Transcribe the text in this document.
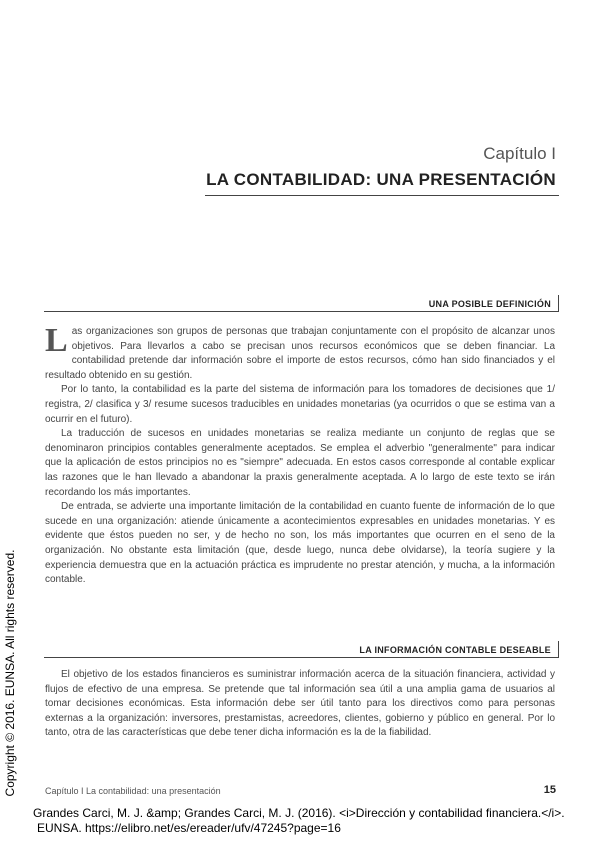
Capítulo I
LA CONTABILIDAD: UNA PRESENTACIÓN
UNA POSIBLE DEFINICIÓN

Las organizaciones son grupos de personas que trabajan conjuntamente con el propósito de alcanzar unos objetivos. Para llevarlos a cabo se precisan unos recursos económicos que se deben financiar. La contabilidad pretende dar información sobre el importe de estos recursos, cómo han sido financiados y el resultado obtenido en su gestión.

Por lo tanto, la contabilidad es la parte del sistema de información para los tomadores de decisiones que 1/ registra, 2/ clasifica y 3/ resume sucesos traducibles en unidades monetarias (ya ocurridos o que se estima van a ocurrir en el futuro).

La traducción de sucesos en unidades monetarias se realiza mediante un conjunto de reglas que se denominaron principios contables generalmente aceptados. Se emplea el adverbio "generalmente" para indicar que la aplicación de estos principios no es "siempre" adecuada. En estos casos corresponde al contable explicar las razones que le han llevado a abandonar la praxis generalmente aceptada. A lo largo de este texto se irán recordando los más importantes.

De entrada, se advierte una importante limitación de la contabilidad en cuanto fuente de información de lo que sucede en una organización: atiende únicamente a acontecimientos expresables en unidades monetarias. Y es evidente que éstos pueden no ser, y de hecho no son, los más importantes que ocurren en el seno de la organización. No obstante esta limitación (que, desde luego, nunca debe olvidarse), la teoría sugiere y la experiencia demuestra que en la actuación práctica es imprudente no prestar atención, y mucha, a la información contable.

LA INFORMACIÓN CONTABLE DESEABLE

El objetivo de los estados financieros es suministrar información acerca de la situación financiera, actividad y flujos de efectivo de una empresa. Se pretende que tal información sea útil a una amplia gama de usuarios al tomar decisiones económicas. Esta información debe ser útil tanto para los directivos como para personas externas a la organización: inversores, prestamistas, acreedores, clientes, gobierno y público en general. Por lo tanto, otra de las características que debe tener dicha información es la de la fiabilidad.

Capítulo I La contabilidad: una presentación	15
Copyright © 2016. EUNSA. All rights reserved.
Grandes Carci, M. J. &amp; Grandes Carci, M. J. (2016). <i>Dirección y contabilidad financiera.</i>.
EUNSA. https://elibro.net/es/ereader/ufv/47245?page=16
